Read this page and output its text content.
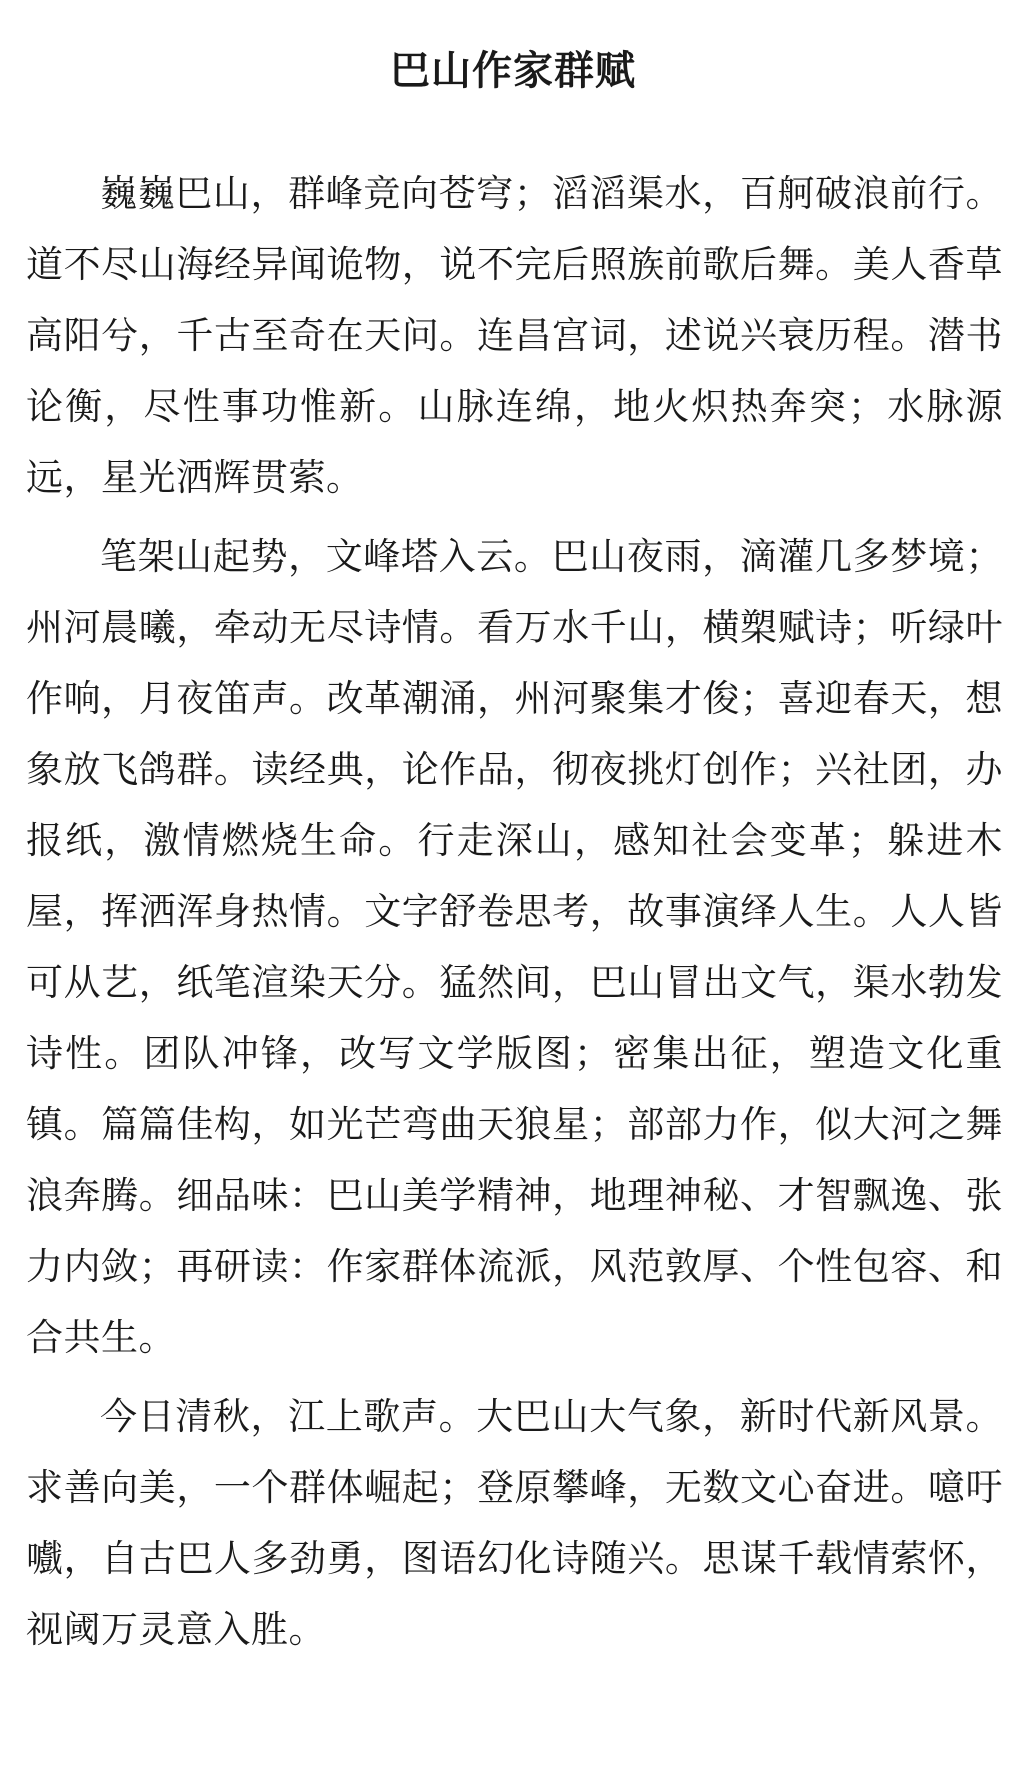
巴山作家群赋

巍巍巴山，群峰竞向苍穹；滔滔渠水，百舸破浪前行。道不尽山海经异闻诡物，说不完后照族前歌后舞。美人香草高阳兮，千古至奇在天问。连昌宫词，述说兴衰历程。潜书论衡，尽性事功惟新。山脉连绵，地火炽热奔突；水脉源远，星光洒辉贯萦。

笔架山起势，文峰塔入云。巴山夜雨，滴灌几多梦境；州河晨曦，牵动无尽诗情。看万水千山，横槊赋诗；听绿叶作响，月夜笛声。改革潮涌，州河聚集才俊；喜迎春天，想象放飞鸽群。读经典，论作品，彻夜挑灯创作；兴社团，办报纸，激情燃烧生命。行走深山，感知社会变革；躲进木屋，挥洒浑身热情。文字舒卷思考，故事演绎人生。人人皆可从艺，纸笔渲染天分。猛然间，巴山冒出文气，渠水勃发诗性。团队冲锋，改写文学版图；密集出征，塑造文化重镇。篇篇佳构，如光芒弯曲天狼星；部部力作，似大河之舞浪奔腾。细品味：巴山美学精神，地理神秘、才智飘逸、张力内敛；再研读：作家群体流派，风范敦厚、个性包容、和合共生。

今日清秋，江上歌声。大巴山大气象，新时代新风景。求善向美，一个群体崛起；登原攀峰，无数文心奋进。噫吁嚱，自古巴人多劲勇，图语幻化诗随兴。思谋千载情萦怀，视阈万灵意入胜。
